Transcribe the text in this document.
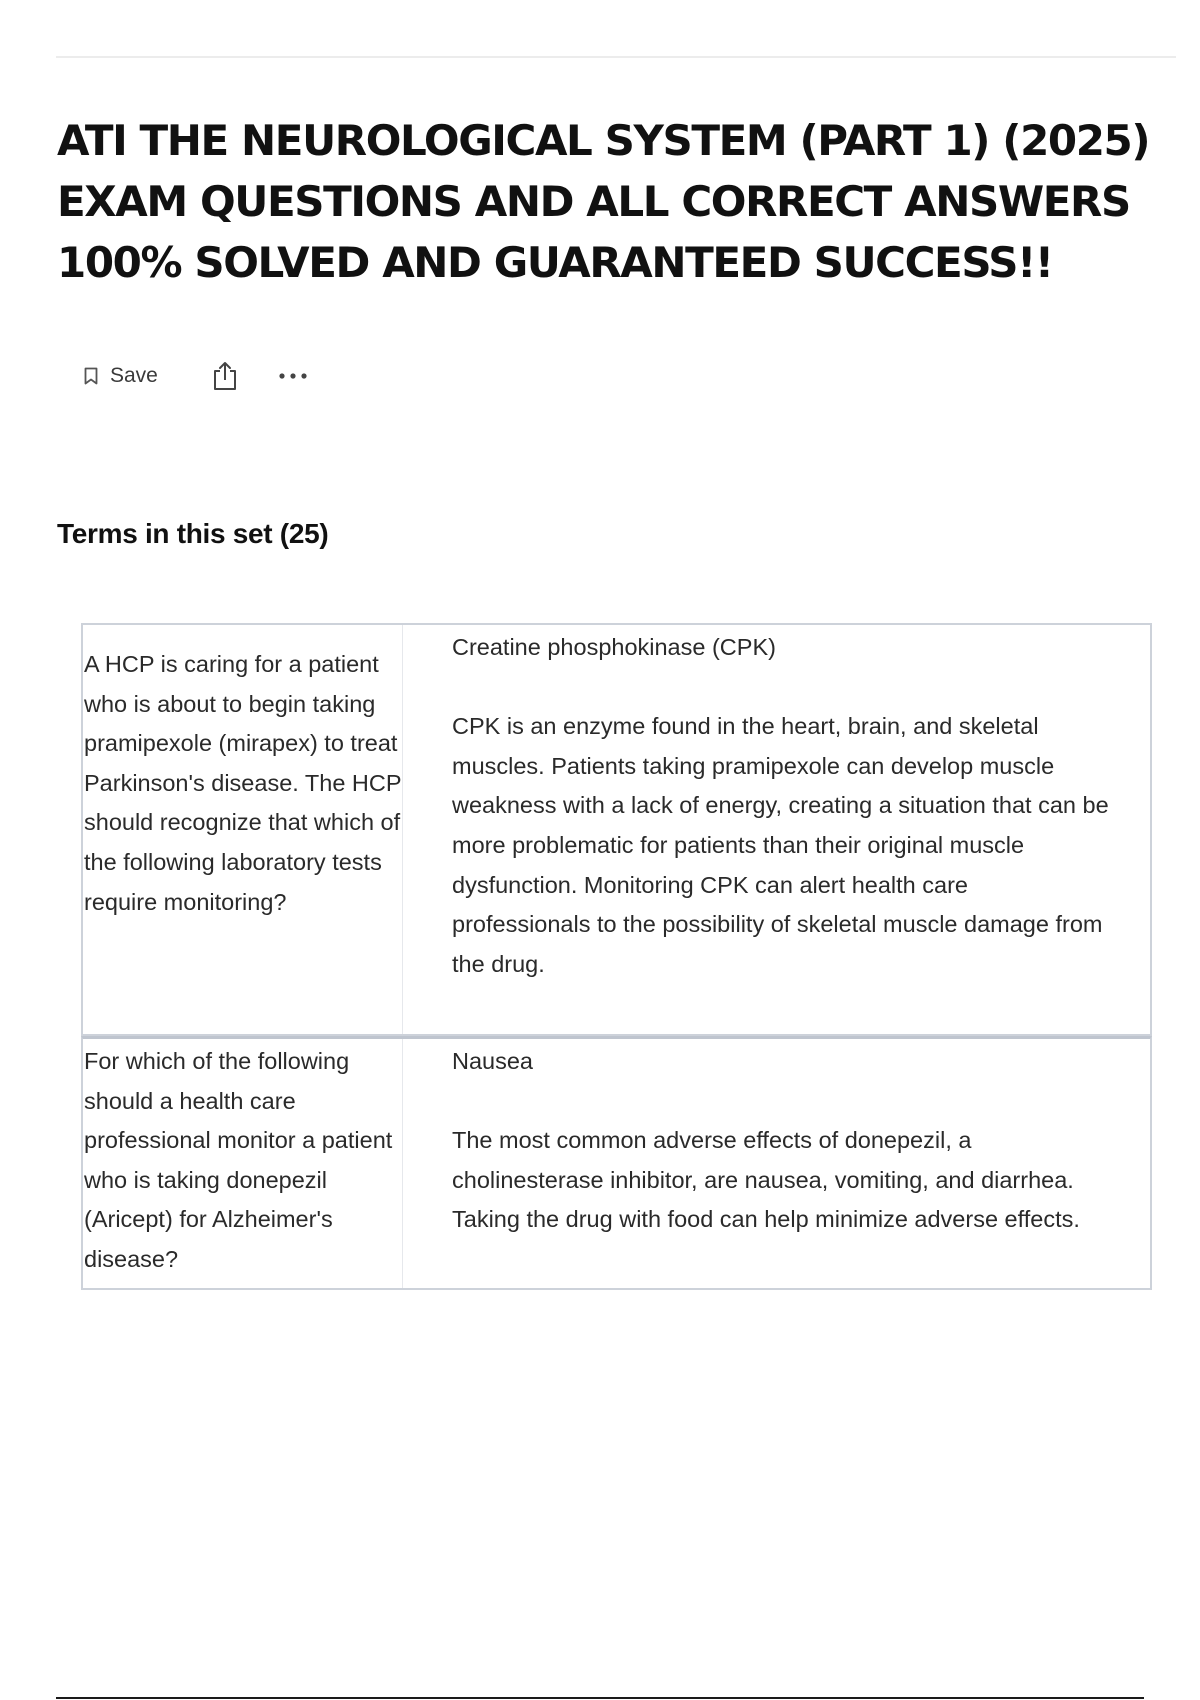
ATI THE NEUROLOGICAL SYSTEM (PART 1) (2025) EXAM QUESTIONS AND ALL CORRECT ANSWERS 100% SOLVED AND GUARANTEED SUCCESS!!
Save
Terms in this set (25)
A HCP is caring for a patient who is about to begin taking pramipexole (mirapex) to treat Parkinson's disease. The HCP should recognize that which of the following laboratory tests require monitoring?

Creatine phosphokinase (CPK)

CPK is an enzyme found in the heart, brain, and skeletal muscles. Patients taking pramipexole can develop muscle weakness with a lack of energy, creating a situation that can be more problematic for patients than their original muscle dysfunction. Monitoring CPK can alert health care professionals to the possibility of skeletal muscle damage from the drug.

For which of the following should a health care professional monitor a patient who is taking donepezil (Aricept) for Alzheimer's disease?

Nausea

The most common adverse effects of donepezil, a cholinesterase inhibitor, are nausea, vomiting, and diarrhea. Taking the drug with food can help minimize adverse effects.
